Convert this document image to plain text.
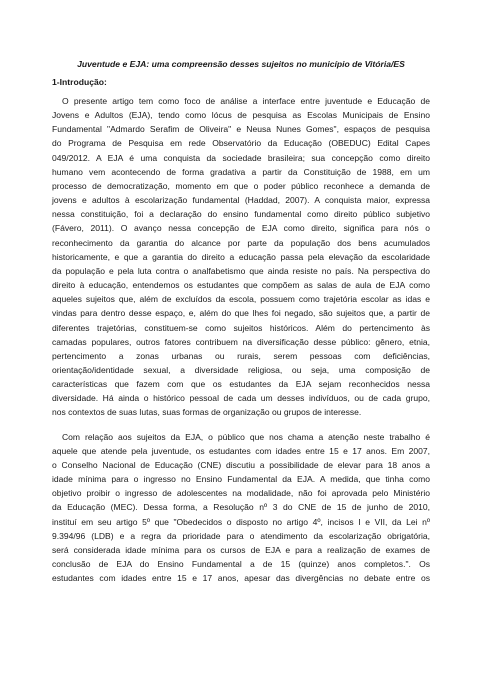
Juventude e EJA: uma compreensão desses sujeitos no município de Vitória/ES
1-Introdução:

O presente artigo tem como foco de análise a interface entre juventude e Educação de
Jovens e Adultos (EJA), tendo como lócus de pesquisa as Escolas Municipais de Ensino
Fundamental "Admardo Serafim de Oliveira" e Neusa Nunes Gomes", espaços de pesquisa
do Programa de Pesquisa em rede Observatório da Educação (OBEDUC) Edital Capes
049/2012. A EJA é uma conquista da sociedade brasileira; sua concepção como direito
humano vem acontecendo de forma gradativa a partir da Constituição de 1988, em um
processo de democratização, momento em que o poder público reconhece a demanda de
jovens e adultos à escolarização fundamental (Haddad, 2007). A conquista maior, expressa
nessa constituição, foi a declaração do ensino fundamental como direito público subjetivo
(Fávero, 2011). O avanço nessa concepção de EJA como direito, significa para nós o
reconhecimento da garantia do alcance por parte da população dos bens acumulados
historicamente, e que a garantia do direito a educação passa pela elevação da escolaridade
da população e pela luta contra o analfabetismo que ainda resiste no país. Na perspectiva do
direito à educação, entendemos os estudantes que compõem as salas de aula de EJA como
aqueles sujeitos que, além de excluídos da escola, possuem como trajetória escolar as idas e
vindas para dentro desse espaço, e, além do que lhes foi negado, são sujeitos que, a partir de
diferentes trajetórias, constituem-se como sujeitos históricos. Além do pertencimento às
camadas populares, outros fatores contribuem na diversificação desse público: gênero, etnia,
pertencimento a zonas urbanas ou rurais, serem pessoas com deficiências,
orientação/identidade sexual, a diversidade religiosa, ou seja, uma composição de
características que fazem com que os estudantes da EJA sejam reconhecidos nessa
diversidade. Há ainda o histórico pessoal de cada um desses indivíduos, ou de cada grupo,
nos contextos de suas lutas, suas formas de organização ou grupos de interesse.

Com relação aos sujeitos da EJA, o público que nos chama a atenção neste trabalho é
aquele que atende pela juventude, os estudantes com idades entre 15 e 17 anos. Em 2007,
o Conselho Nacional de Educação (CNE) discutiu a possibilidade de elevar para 18 anos a
idade mínima para o ingresso no Ensino Fundamental da EJA. A medida, que tinha como
objetivo proibir o ingresso de adolescentes na modalidade, não foi aprovada pelo Ministério
da Educação (MEC). Dessa forma, a Resolução nº 3 do CNE de 15 de junho de 2010,
instituí em seu artigo 5º que "Obedecidos o disposto no artigo 4º, incisos I e VII, da Lei nº
9.394/96 (LDB) e a regra da prioridade para o atendimento da escolarização obrigatória,
será considerada idade mínima para os cursos de EJA e para a realização de exames de
conclusão de EJA do Ensino Fundamental a de 15 (quinze) anos completos.". Os
estudantes com idades entre 15 e 17 anos, apesar das divergências no debate entre os
